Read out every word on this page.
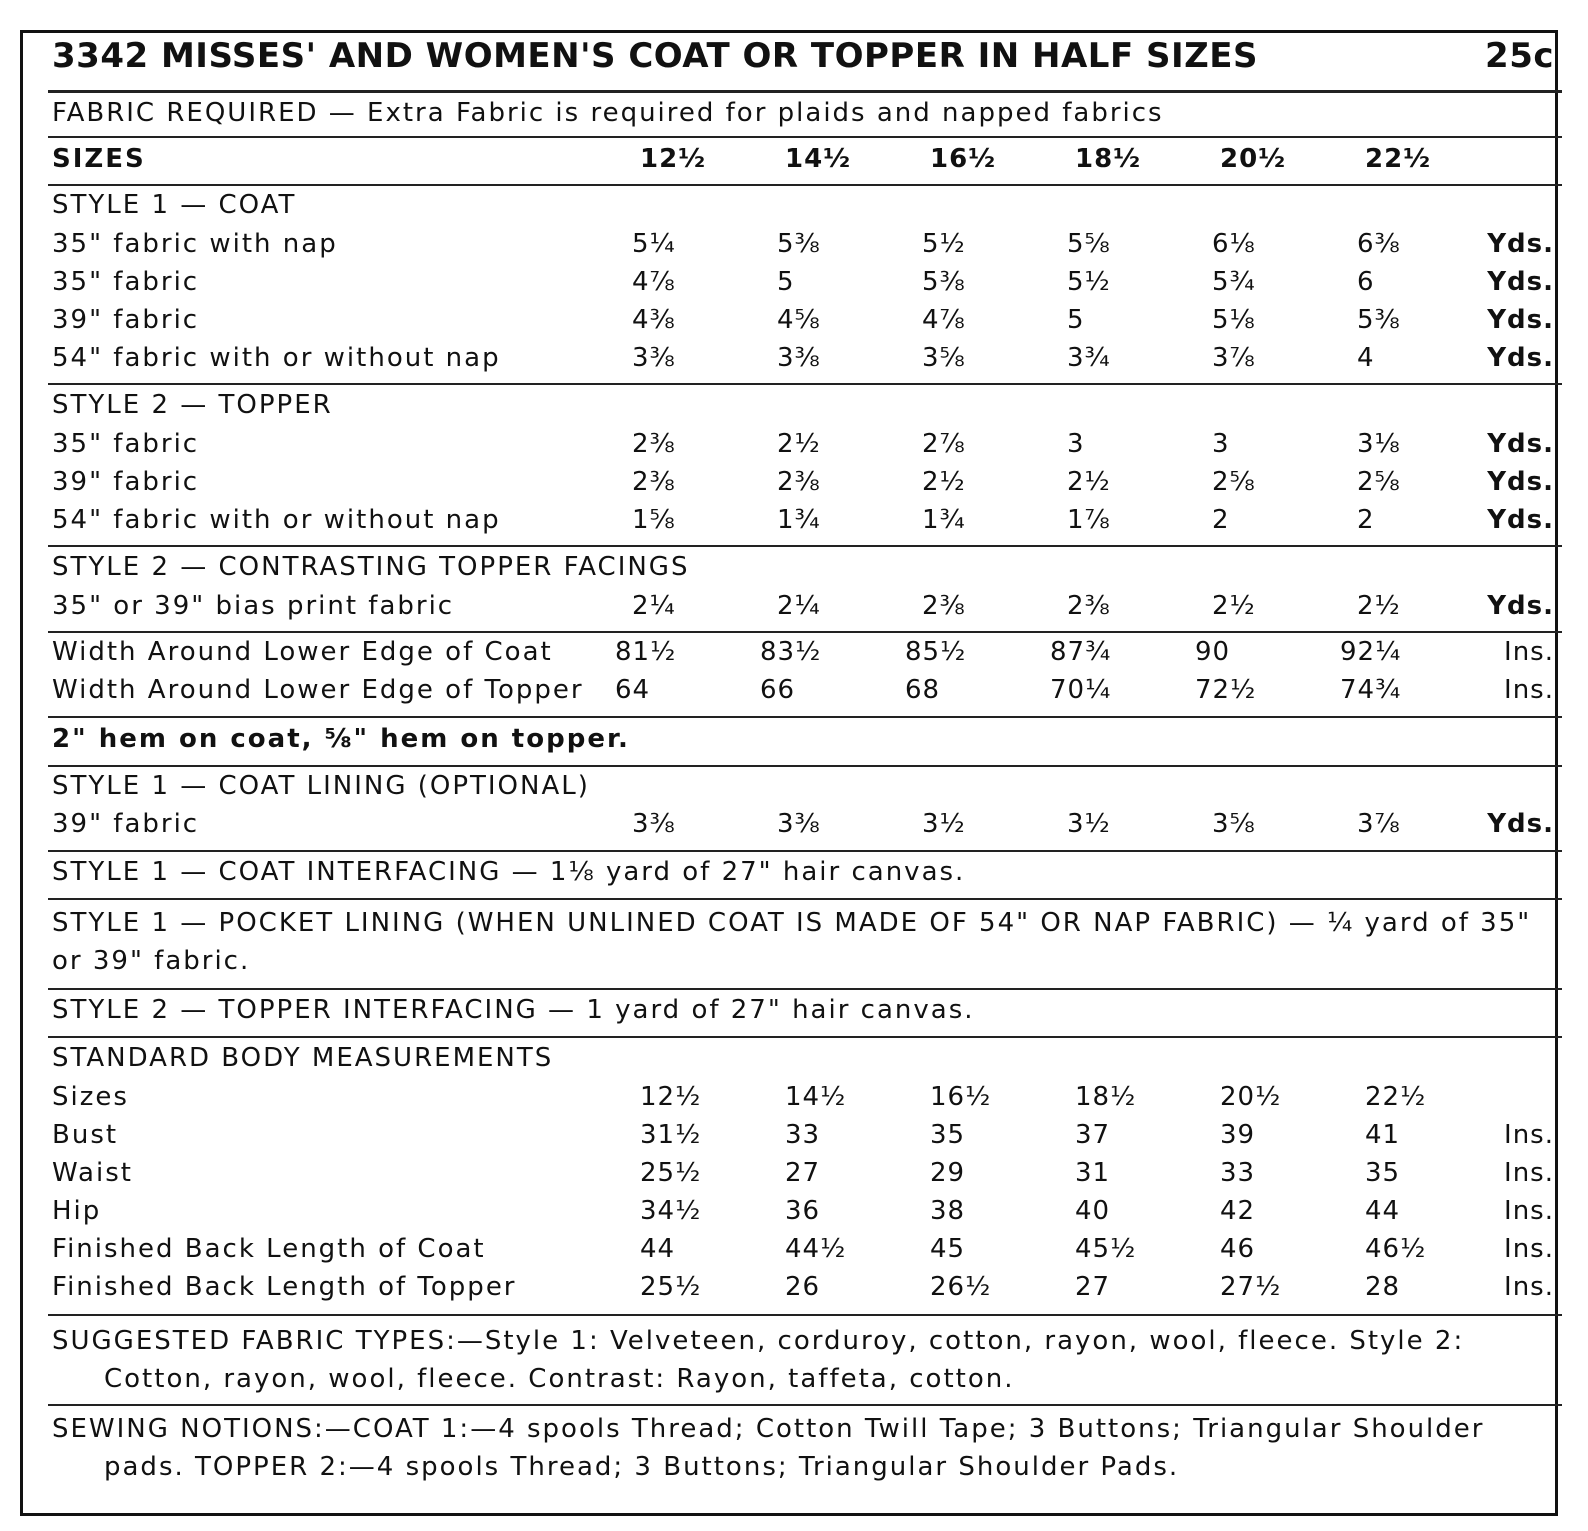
3342 MISSES' AND WOMEN'S COAT OR TOPPER IN HALF SIZES	25c
FABRIC REQUIRED — Extra Fabric is required for plaids and napped fabrics
SIZES	12½	14½	16½	18½	20½	22½
STYLE 1 — COAT
35" fabric with nap	5¼	5⅜	5½	5⅝	6⅛	6⅜	Yds.
35" fabric	4⅞	5	5⅜	5½	5¾	6	Yds.
39" fabric	4⅜	4⅝	4⅞	5	5⅛	5⅜	Yds.
54" fabric with or without nap	3⅜	3⅜	3⅝	3¾	3⅞	4	Yds.
STYLE 2 — TOPPER
35" fabric	2⅜	2½	2⅞	3	3	3⅛	Yds.
39" fabric	2⅜	2⅜	2½	2½	2⅝	2⅝	Yds.
54" fabric with or without nap	1⅝	1¾	1¾	1⅞	2	2	Yds.
STYLE 2 — CONTRASTING TOPPER FACINGS
35" or 39" bias print fabric	2¼	2¼	2⅜	2⅜	2½	2½	Yds.
Width Around Lower Edge of Coat 81½	83½	85½	87¾	90	92¼	Ins.
Width Around Lower Edge of Topper 64	66	68	70¼	72½	74¾	Ins.
2" hem on coat, ⅝" hem on topper.
STYLE 1 — COAT LINING (OPTIONAL)
39" fabric	3⅜	3⅜	3½	3½	3⅝	3⅞	Yds.
STYLE 1 — COAT INTERFACING — 1⅛ yard of 27" hair canvas.
STYLE 1 — POCKET LINING (WHEN UNLINED COAT IS MADE OF 54" OR NAP FABRIC) — ¼ yard of 35" or 39" fabric.
STYLE 2 — TOPPER INTERFACING — 1 yard of 27" hair canvas.
STANDARD BODY MEASUREMENTS
Sizes	12½	14½	16½	18½	20½	22½
Bust	31½	33	35	37	39	41	Ins.
Waist	25½	27	29	31	33	35	Ins.
Hip	34½	36	38	40	42	44	Ins.
Finished Back Length of Coat	44	44½	45	45½	46	46½	Ins.
Finished Back Length of Topper	25½	26	26½	27	27½	28	Ins.
SUGGESTED FABRIC TYPES:—Style 1: Velveteen, corduroy, cotton, rayon, wool, fleece. Style 2: Cotton, rayon, wool, fleece. Contrast: Rayon, taffeta, cotton.
SEWING NOTIONS:—COAT 1:—4 spools Thread; Cotton Twill Tape; 3 Buttons; Triangular Shoulder pads. TOPPER 2:—4 spools Thread; 3 Buttons; Triangular Shoulder Pads.
